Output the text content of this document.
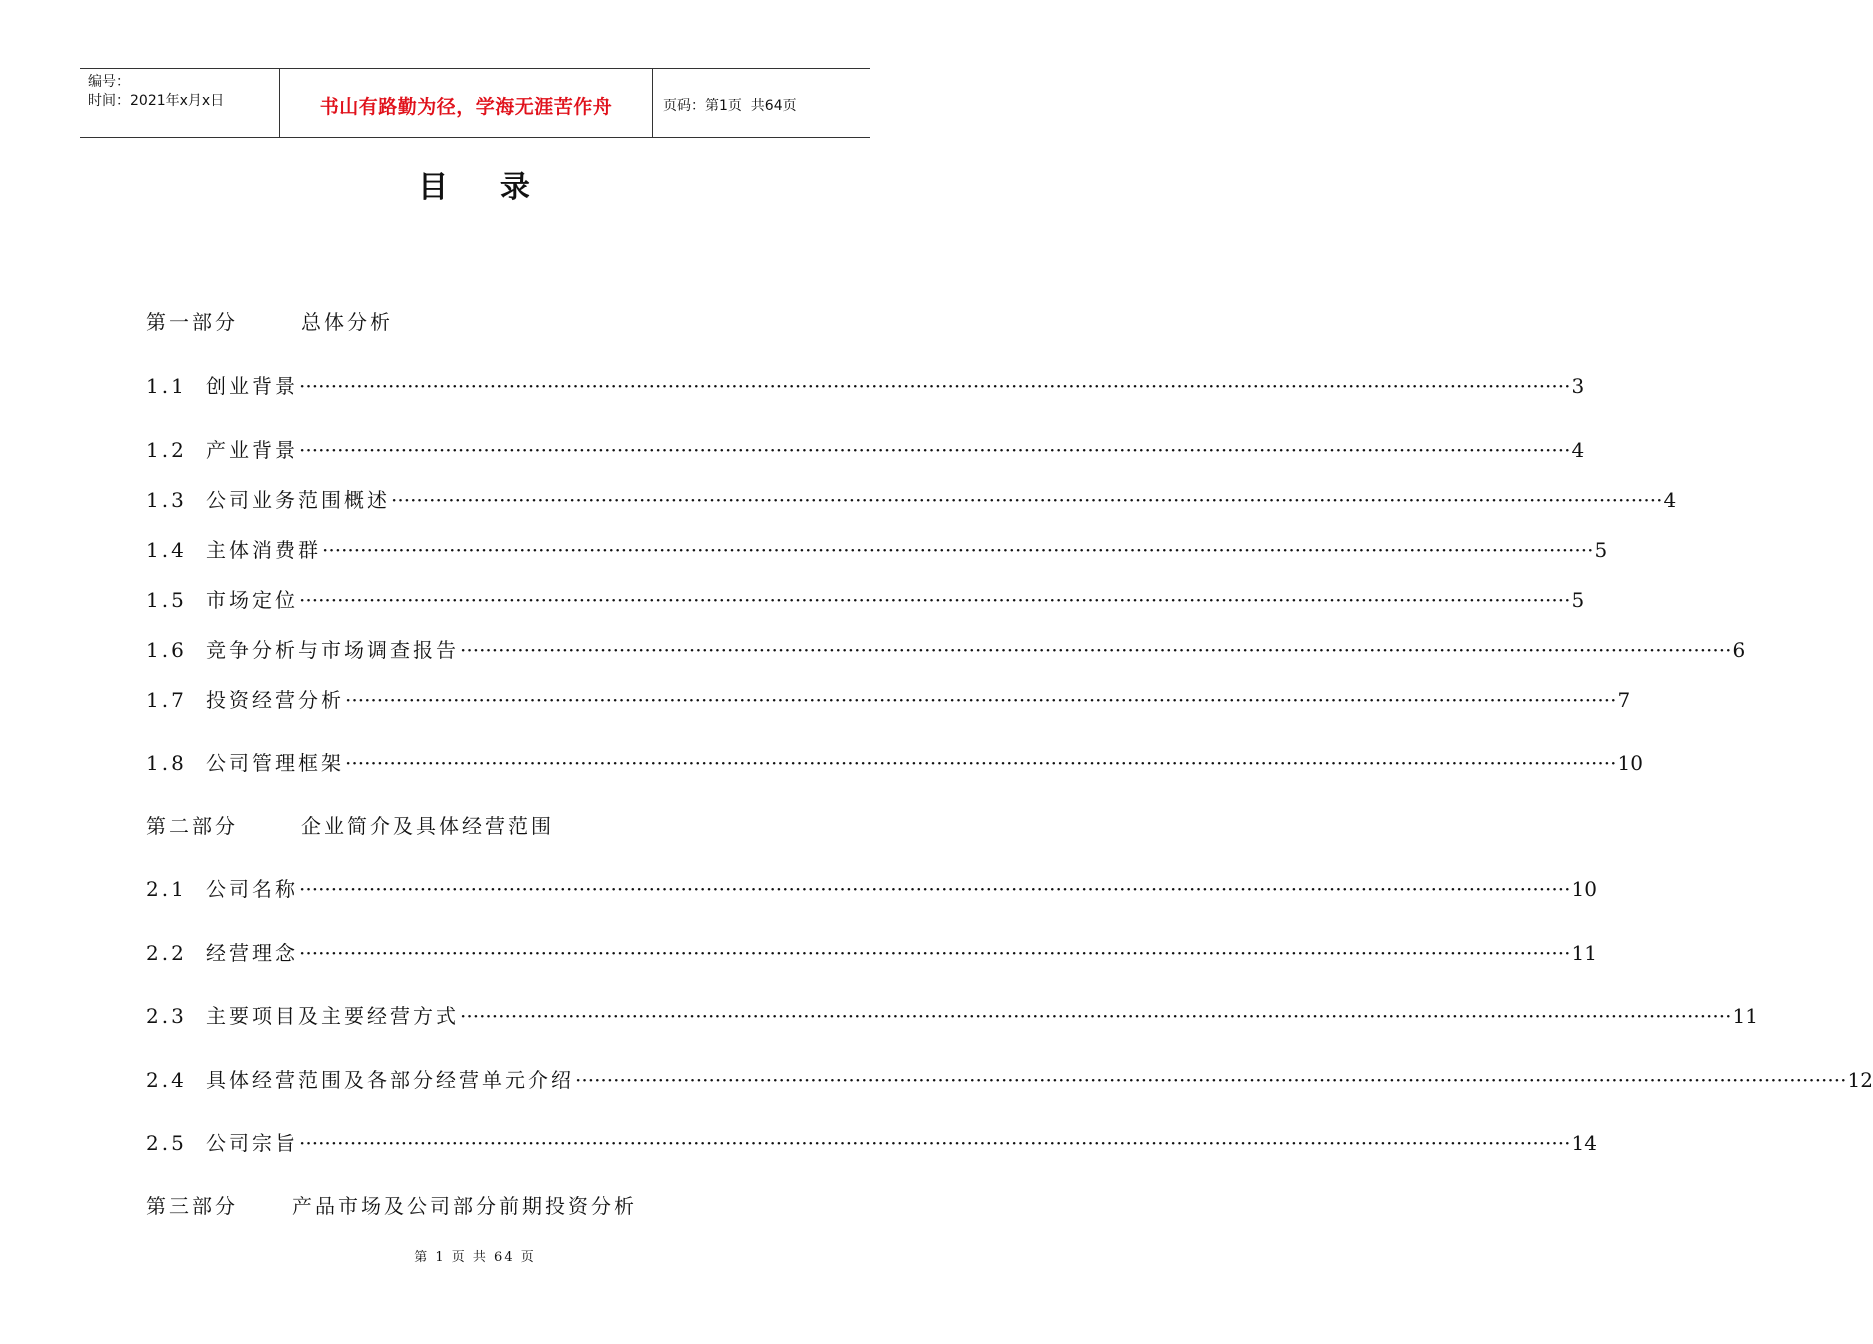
编号：
时间：2021年x月x日	书山有路勤为径，学海无涯苦作舟	页码：第1页  共64页
目    录
第一部分	总体分析
1.1 创业背景 ········································································································································································································ 3
1.2 产业背景 ········································································································································································································ 4
1.3 公司业务范围概述 ········································································································································································································ 4
1.4 主体消费群 ········································································································································································································ 5
1.5 市场定位 ········································································································································································································ 5
1.6 竞争分析与市场调查报告 ········································································································································································································ 6
1.7 投资经营分析 ········································································································································································································ 7
1.8 公司管理框架 ········································································································································································································ 10
第二部分	企业简介及具体经营范围
2.1 公司名称 ········································································································································································································ 10
2.2 经营理念 ········································································································································································································ 11
2.3 主要项目及主要经营方式 ········································································································································································································ 11
2.4 具体经营范围及各部分经营单元介绍 ········································································································································································································ 12
2.5 公司宗旨 ········································································································································································································ 14
第三部分	产品市场及公司部分前期投资分析
第 1 页 共 64 页
